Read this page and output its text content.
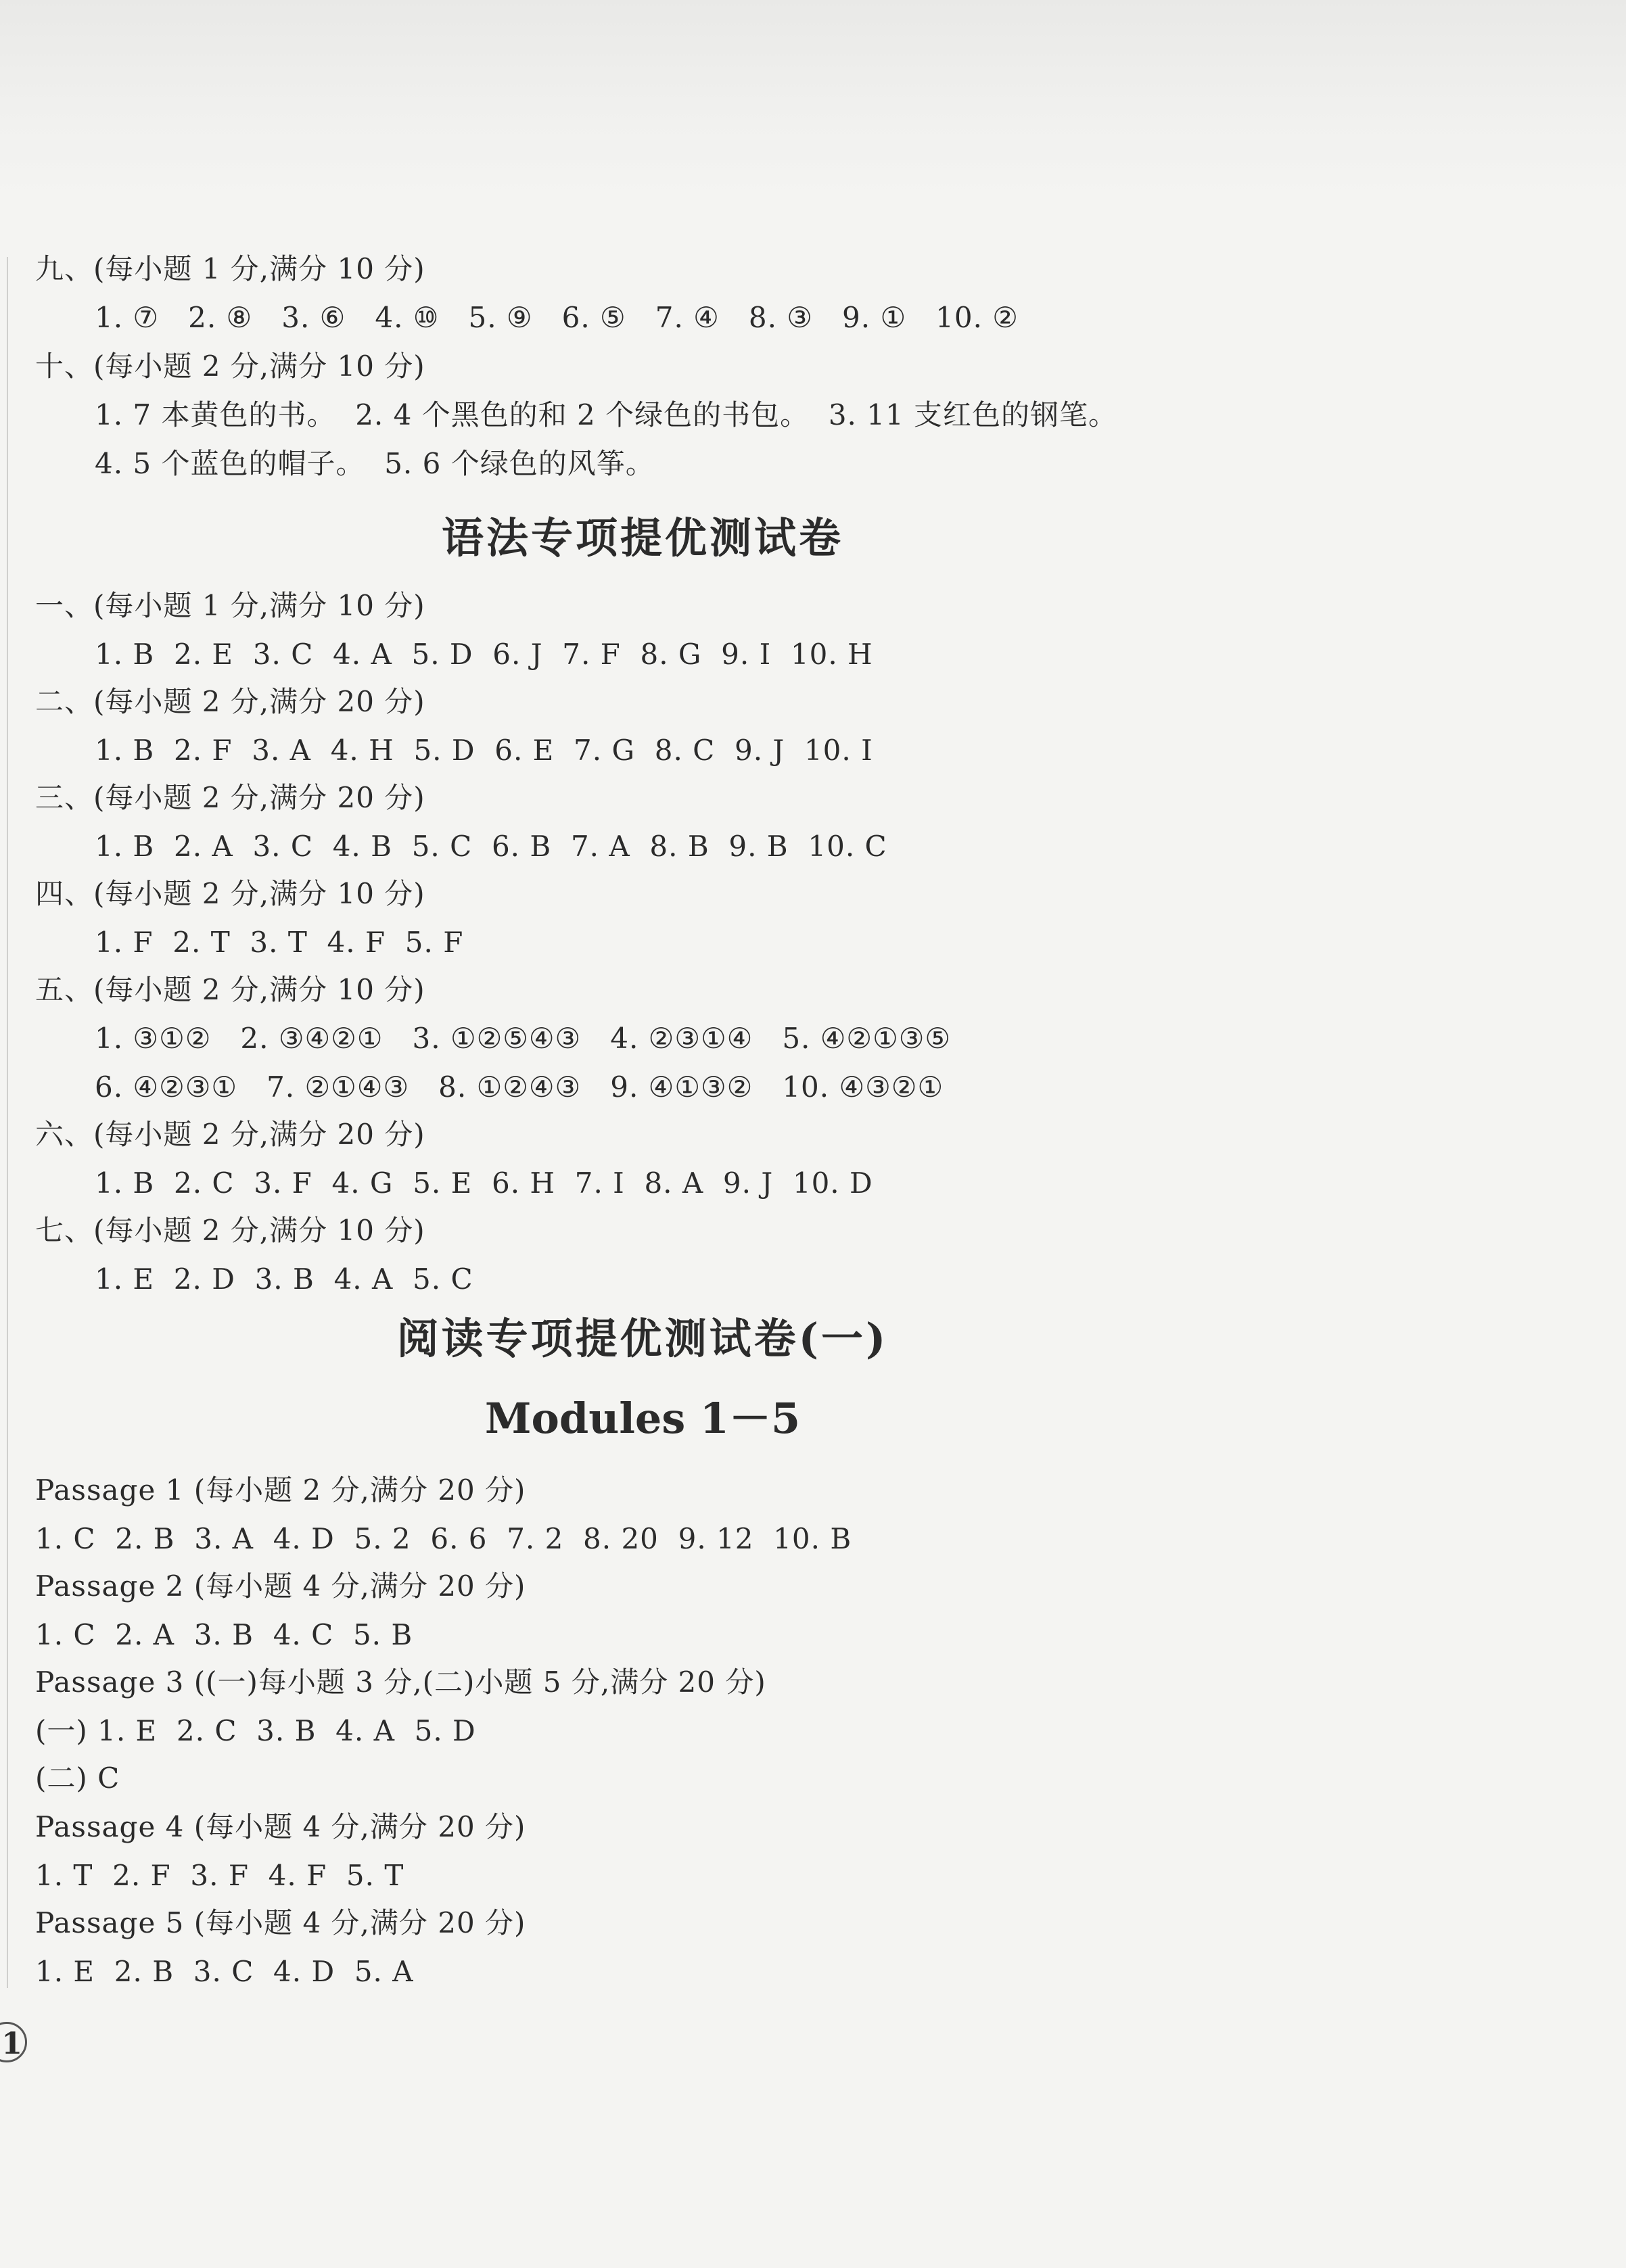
九、(每小题 1 分,满分 10 分)
1. ⑦   2. ⑧   3. ⑥   4. ⑩   5. ⑨   6. ⑤   7. ④   8. ③   9. ①   10. ②
十、(每小题 2 分,满分 10 分)
1. 7 本黄色的书。  2. 4 个黑色的和 2 个绿色的书包。  3. 11 支红色的钢笔。
4. 5 个蓝色的帽子。  5. 6 个绿色的风筝。
语法专项提优测试卷
一、(每小题 1 分,满分 10 分)
1. B  2. E  3. C  4. A  5. D  6. J  7. F  8. G  9. I  10. H
二、(每小题 2 分,满分 20 分)
1. B  2. F  3. A  4. H  5. D  6. E  7. G  8. C  9. J  10. I
三、(每小题 2 分,满分 20 分)
1. B  2. A  3. C  4. B  5. C  6. B  7. A  8. B  9. B  10. C
四、(每小题 2 分,满分 10 分)
1. F  2. T  3. T  4. F  5. F
五、(每小题 2 分,满分 10 分)
1. ③①②   2. ③④②①   3. ①②⑤④③   4. ②③①④   5. ④②①③⑤
6. ④②③①   7. ②①④③   8. ①②④③   9. ④①③②   10. ④③②①
六、(每小题 2 分,满分 20 分)
1. B  2. C  3. F  4. G  5. E  6. H  7. I  8. A  9. J  10. D
七、(每小题 2 分,满分 10 分)
1. E  2. D  3. B  4. A  5. C
阅读专项提优测试卷(一)
Modules 1－5
Passage 1 (每小题 2 分,满分 20 分)
1. C  2. B  3. A  4. D  5. 2  6. 6  7. 2  8. 20  9. 12  10. B
Passage 2 (每小题 4 分,满分 20 分)
1. C  2. A  3. B  4. C  5. B
Passage 3 ((一)每小题 3 分,(二)小题 5 分,满分 20 分)
(一) 1. E  2. C  3. B  4. A  5. D
(二) C
Passage 4 (每小题 4 分,满分 20 分)
1. T  2. F  3. F  4. F  5. T
Passage 5 (每小题 4 分,满分 20 分)
1. E  2. B  3. C  4. D  5. A
1
